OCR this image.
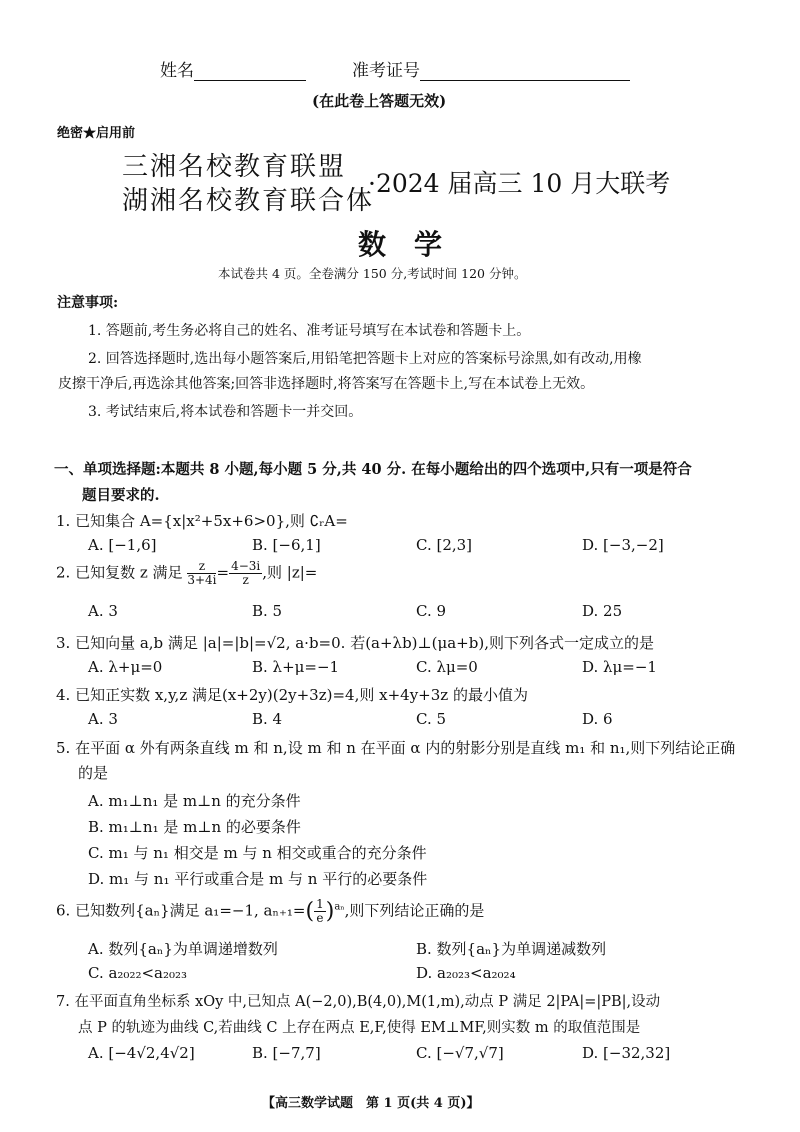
姓名	准考证号
(在此卷上答题无效)
绝密★启用前
三湘名校教育联盟
湖湘名校教育联合体
·2024 届高三 10 月大联考
数　学
本试卷共 4 页。全卷满分 150 分,考试时间 120 分钟。
注意事项:
1. 答题前,考生务必将自己的姓名、准考证号填写在本试卷和答题卡上。
2. 回答选择题时,选出每小题答案后,用铅笔把答题卡上对应的答案标号涂黑,如有改动,用橡
皮擦干净后,再选涂其他答案;回答非选择题时,将答案写在答题卡上,写在本试卷上无效。
3. 考试结束后,将本试卷和答题卡一并交回。
一、单项选择题:本题共 8 小题,每小题 5 分,共 40 分. 在每小题给出的四个选项中,只有一项是符合
题目要求的.
1. 已知集合 A={x|x²+5x+6>0},则 ∁ᵣA=
A. [−1,6]	B. [−6,1]	C. [2,3]	D. [−3,−2]
2. 已知复数 z 满足 $\frac{z}{3+4i} = \frac{4-3i}{z}$ ,则 |z|=
A. 3	B. 5	C. 9	D. 25
3. 已知向量 a,b 满足 |a|=|b|=√2, a·b=0. 若(a+λb)⊥(μa+b),则下列各式一定成立的是
A. λ+μ=0	B. λ+μ=−1	C. λμ=0	D. λμ=−1
4. 已知正实数 x,y,z 满足(x+2y)(2y+3z)=4,则 x+4y+3z 的最小值为
A. 3	B. 4	C. 5	D. 6
5. 在平面 α 外有两条直线 m 和 n,设 m 和 n 在平面 α 内的射影分别是直线 m₁ 和 n₁,则下列结论正确
的是
A. m₁⊥n₁ 是 m⊥n 的充分条件
B. m₁⊥n₁ 是 m⊥n 的必要条件
C. m₁ 与 n₁ 相交是 m 与 n 相交或重合的充分条件
D. m₁ 与 n₁ 平行或重合是 m 与 n 平行的必要条件
6. 已知数列{aₙ}满足 a₁=−1, $a_{n+1}=( \frac{1}{e} )^{a_n}$,则下列结论正确的是
A. 数列{aₙ}为单调递增数列	B. 数列{aₙ}为单调递减数列
C. a₂₀₂₂<a₂₀₂₃	D. a₂₀₂₃<a₂₀₂₄
7. 在平面直角坐标系 xOy 中,已知点 A(−2,0),B(4,0),M(1,m),动点 P 满足 2|PA|=|PB|,设动
点 P 的轨迹为曲线 C,若曲线 C 上存在两点 E,F,使得 EM⊥MF,则实数 m 的取值范围是
A. [−4√2,4√2]	B. [−7,7]	C. [−√7,√7]	D. [−32,32]
【高三数学试题　第 1 页(共 4 页)】
